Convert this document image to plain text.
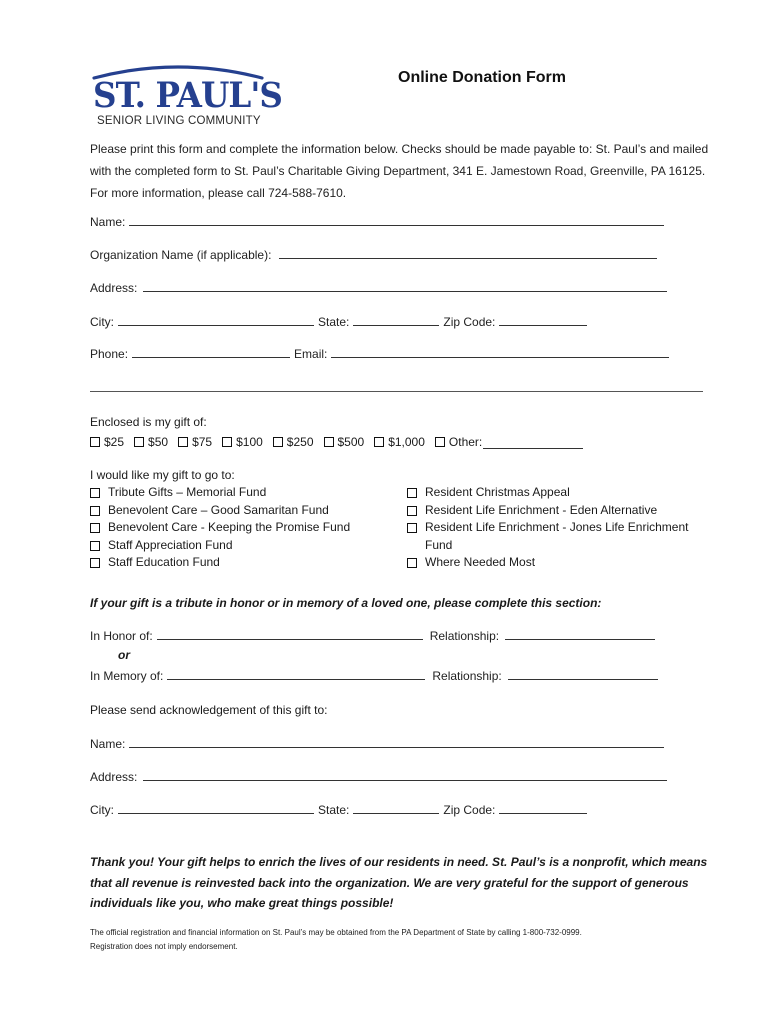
ST. PAUL'S
SENIOR LIVING COMMUNITY
Online Donation Form
Please print this form and complete the information below. Checks should be made payable to: St. Paul’s and mailed with the completed form to St. Paul’s Charitable Giving Department, 341 E. Jamestown Road, Greenville, PA 16125. For more information, please call 724-588-7610.
Name:
Organization Name (if applicable):
Address:
City:	State:	Zip Code:
Phone:	Email:
Enclosed is my gift of:
$25 $50 $75 $100 $250 $500 $1,000 Other:
I would like my gift to go to:
Tribute Gifts – Memorial Fund
Benevolent Care – Good Samaritan Fund
Benevolent Care - Keeping the Promise Fund
Staff Appreciation Fund
Staff Education Fund
Resident Christmas Appeal
Resident Life Enrichment - Eden Alternative
Resident Life Enrichment - Jones Life Enrichment Fund
Where Needed Most
If your gift is a tribute in honor or in memory of a loved one, please complete this section:
In Honor of:	Relationship:
or
In Memory of:	Relationship:
Please send acknowledgement of this gift to:
Name:
Address:
City:	State:	Zip Code:
Thank you! Your gift helps to enrich the lives of our residents in need. St. Paul’s is a nonprofit, which means that all revenue is reinvested back into the organization. We are very grateful for the support of generous individuals like you, who make great things possible!
The official registration and financial information on St. Paul’s may be obtained from the PA Department of State by calling 1-800-732-0999.
Registration does not imply endorsement.
